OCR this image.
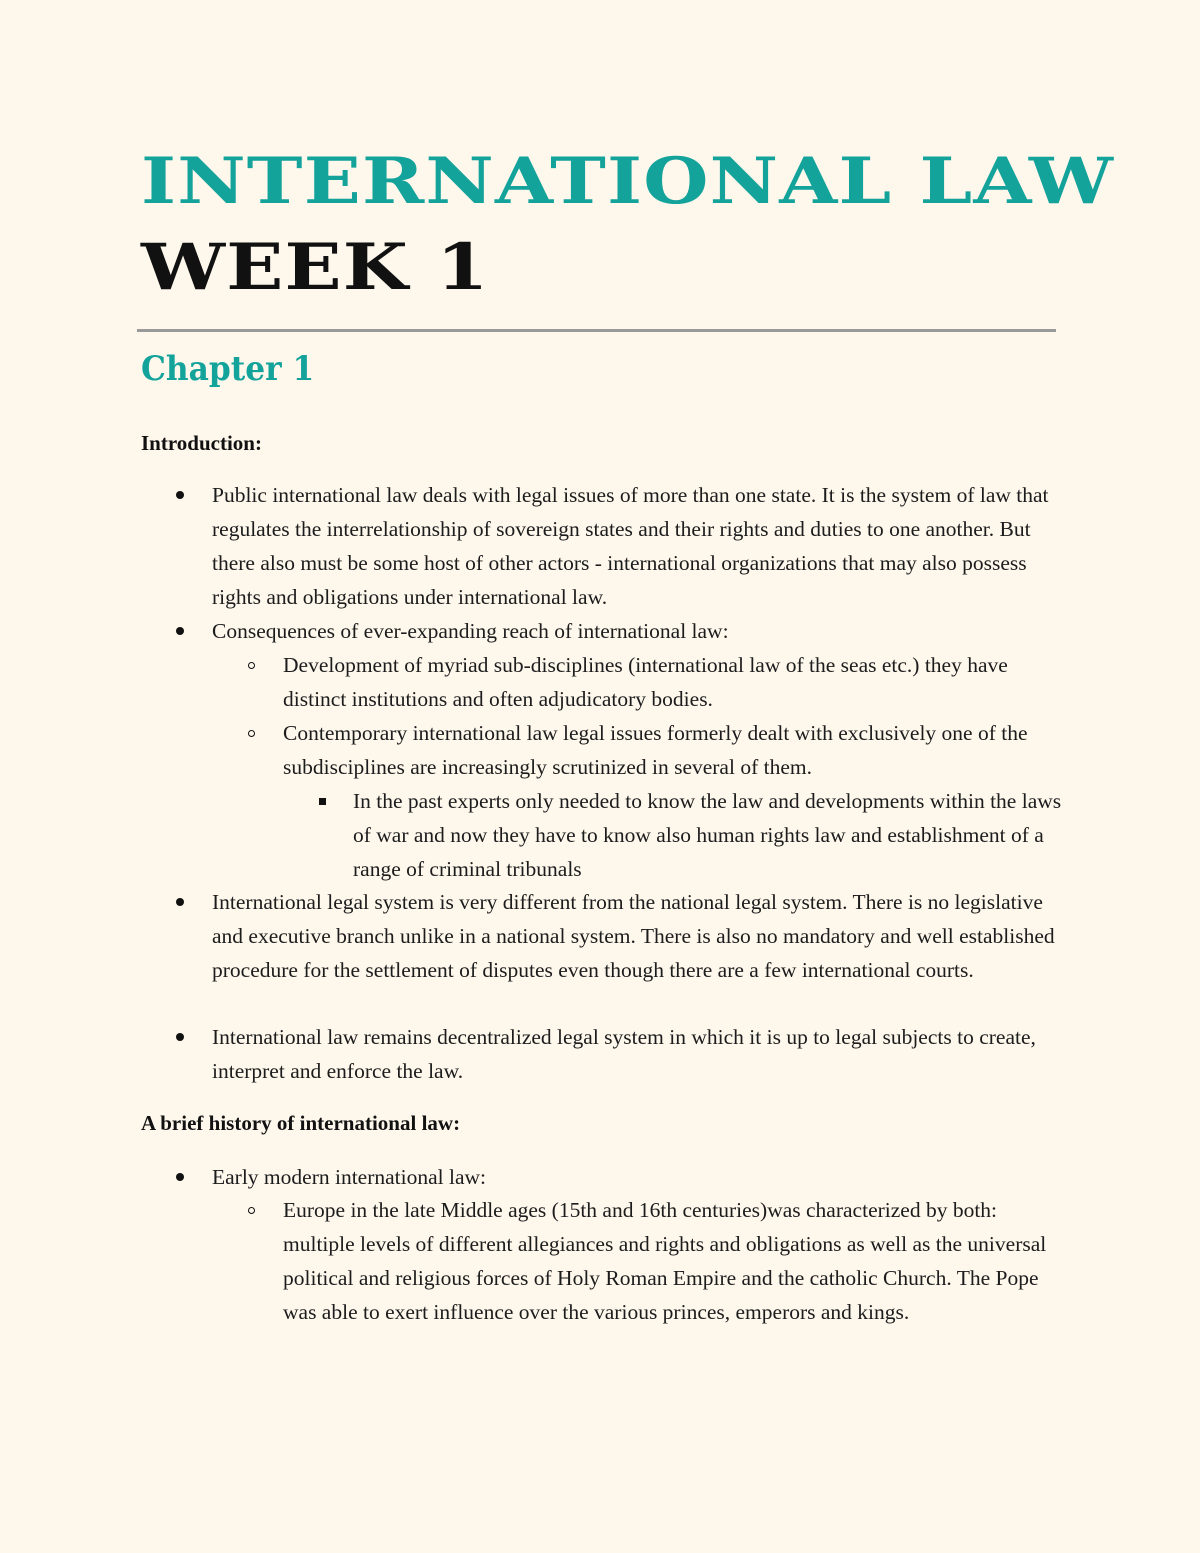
INTERNATIONAL LAW
WEEK 1
Chapter 1
Introduction:
Public international law deals with legal issues of more than one state. It is the system of law that regulates the interrelationship of sovereign states and their rights and duties to one another. But there also must be some host of other actors - international organizations that may also possess rights and obligations under international law.
Consequences of ever-expanding reach of international law:
Development of myriad sub-disciplines (international law of the seas etc.) they have distinct institutions and often adjudicatory bodies.
Contemporary international law legal issues formerly dealt with exclusively one of the subdisciplines are increasingly scrutinized in several of them.
In the past experts only needed to know the law and developments within the laws of war and now they have to know also human rights law and establishment of a range of criminal tribunals
International legal system is very different from the national legal system. There is no legislative and executive branch unlike in a national system. There is also no mandatory and well established procedure for the settlement of disputes even though there are a few international courts.
International law remains decentralized legal system in which it is up to legal subjects to create, interpret and enforce the law.
A brief history of international law:
Early modern international law:
Europe in the late Middle ages (15th and 16th centuries)was characterized by both: multiple levels of different allegiances and rights and obligations as well as the universal political and religious forces of Holy Roman Empire and the catholic Church. The Pope was able to exert influence over the various princes, emperors and kings.
